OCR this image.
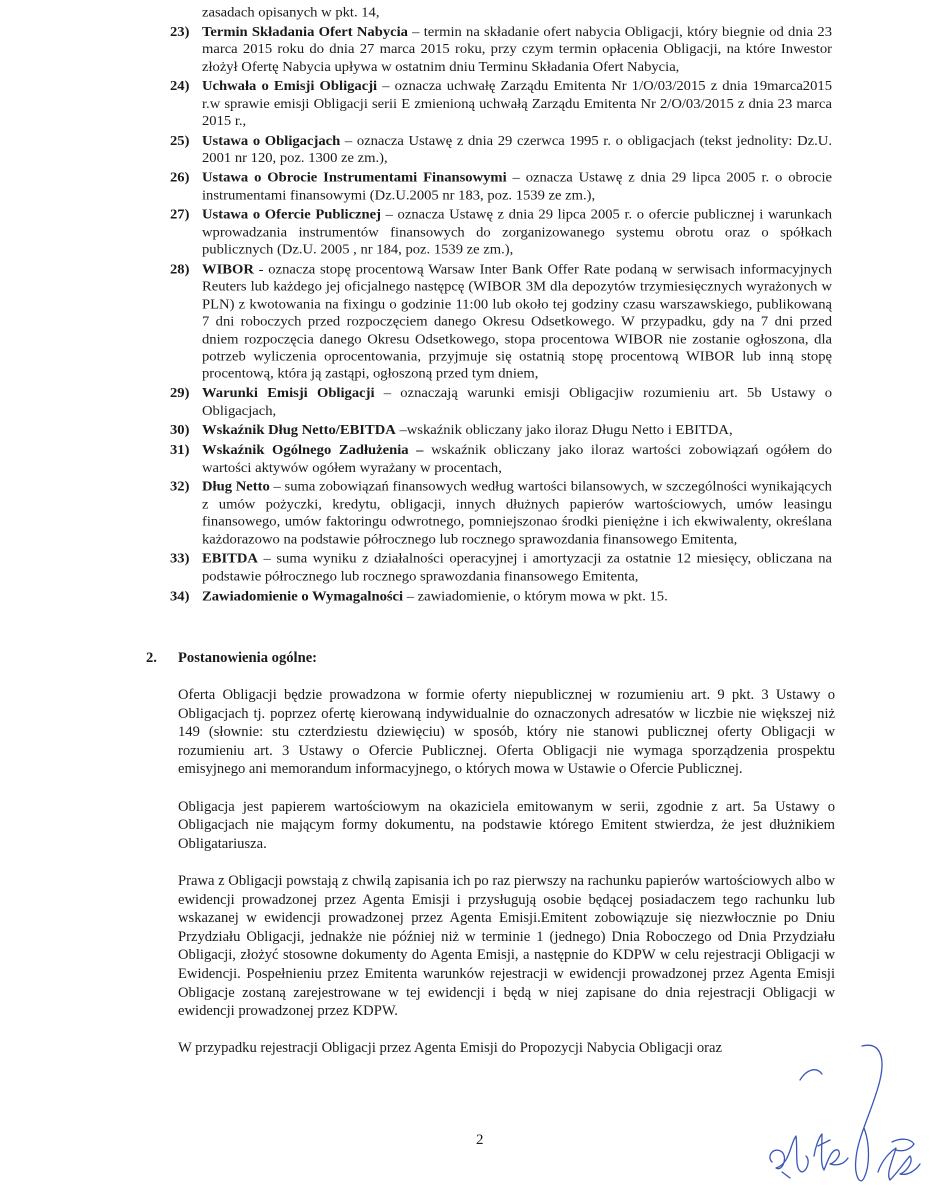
zasadach opisanych w pkt. 14,
23) Termin Składania Ofert Nabycia – termin na składanie ofert nabycia Obligacji, który biegnie od dnia 23 marca 2015 roku do dnia 27 marca 2015 roku, przy czym termin opłacenia Obligacji, na które Inwestor złożył Ofertę Nabycia upływa w ostatnim dniu Terminu Składania Ofert Nabycia,
24) Uchwała o Emisji Obligacji – oznacza uchwałę Zarządu Emitenta Nr 1/O/03/2015 z dnia 19marca2015 r.w sprawie emisji Obligacji serii E zmienioną uchwałą Zarządu Emitenta Nr 2/O/03/2015 z dnia 23 marca 2015 r.,
25) Ustawa o Obligacjach – oznacza Ustawę z dnia 29 czerwca 1995 r. o obligacjach (tekst jednolity: Dz.U. 2001 nr 120, poz. 1300 ze zm.),
26) Ustawa o Obrocie Instrumentami Finansowymi – oznacza Ustawę z dnia 29 lipca 2005 r. o obrocie instrumentami finansowymi (Dz.U.2005 nr 183, poz. 1539 ze zm.),
27) Ustawa o Ofercie Publicznej – oznacza Ustawę z dnia 29 lipca 2005 r. o ofercie publicznej i warunkach wprowadzania instrumentów finansowych do zorganizowanego systemu obrotu oraz o spółkach publicznych (Dz.U. 2005 , nr 184, poz. 1539 ze zm.),
28) WIBOR - oznacza stopę procentową Warsaw Inter Bank Offer Rate podaną w serwisach informacyjnych Reuters lub każdego jej oficjalnego następcę (WIBOR 3M dla depozytów trzymiesięcznych wyrażonych w PLN) z kwotowania na fixingu o godzinie 11:00 lub około tej godziny czasu warszawskiego, publikowaną 7 dni roboczych przed rozpoczęciem danego Okresu Odsetkowego. W przypadku, gdy na 7 dni przed dniem rozpoczęcia danego Okresu Odsetkowego, stopa procentowa WIBOR nie zostanie ogłoszona, dla potrzeb wyliczenia oprocentowania, przyjmuje się ostatnią stopę procentową WIBOR lub inną stopę procentową, która ją zastąpi, ogłoszoną przed tym dniem,
29) Warunki Emisji Obligacji – oznaczają warunki emisji Obligacjiw rozumieniu art. 5b Ustawy o Obligacjach,
30) Wskaźnik Dług Netto/EBITDA –wskaźnik obliczany jako iloraz Długu Netto i EBITDA,
31) Wskaźnik Ogólnego Zadłużenia – wskaźnik obliczany jako iloraz wartości zobowiązań ogółem do wartości aktywów ogółem wyrażany w procentach,
32) Dług Netto – suma zobowiązań finansowych według wartości bilansowych, w szczególności wynikających z umów pożyczki, kredytu, obligacji, innych dłużnych papierów wartościowych, umów leasingu finansowego, umów faktoringu odwrotnego, pomniejszonao środki pieniężne i ich ekwiwalenty, określana każdorazowo na podstawie półrocznego lub rocznego sprawozdania finansowego Emitenta,
33) EBITDA – suma wyniku z działalności operacyjnej i amortyzacji za ostatnie 12 miesięcy, obliczana na podstawie półrocznego lub rocznego sprawozdania finansowego Emitenta,
34) Zawiadomienie o Wymagalności – zawiadomienie, o którym mowa w pkt. 15.
2. Postanowienia ogólne:

Oferta Obligacji będzie prowadzona w formie oferty niepublicznej w rozumieniu art. 9 pkt. 3 Ustawy o Obligacjach tj. poprzez ofertę kierowaną indywidualnie do oznaczonych adresatów w liczbie nie większej niż 149 (słownie: stu czterdziestu dziewięciu) w sposób, który nie stanowi publicznej oferty Obligacji w rozumieniu art. 3 Ustawy o Ofercie Publicznej. Oferta Obligacji nie wymaga sporządzenia prospektu emisyjnego ani memorandum informacyjnego, o których mowa w Ustawie o Ofercie Publicznej.

Obligacja jest papierem wartościowym na okaziciela emitowanym w serii, zgodnie z art. 5a Ustawy o Obligacjach nie mającym formy dokumentu, na podstawie którego Emitent stwierdza, że jest dłużnikiem Obligatariusza.

Prawa z Obligacji powstają z chwilą zapisania ich po raz pierwszy na rachunku papierów wartościowych albo w ewidencji prowadzonej przez Agenta Emisji i przysługują osobie będącej posiadaczem tego rachunku lub wskazanej w ewidencji prowadzonej przez Agenta Emisji.Emitent zobowiązuje się niezwłocznie po Dniu Przydziału Obligacji, jednakże nie później niż w terminie 1 (jednego) Dnia Roboczego od Dnia Przydziału Obligacji, złożyć stosowne dokumenty do Agenta Emisji, a następnie do KDPW w celu rejestracji Obligacji w Ewidencji. Pospełnieniu przez Emitenta warunków rejestracji w ewidencji prowadzonej przez Agenta Emisji Obligacje zostaną zarejestrowane w tej ewidencji i będą w niej zapisane do dnia rejestracji Obligacji w ewidencji prowadzonej przez KDPW.

W przypadku rejestracji Obligacji przez Agenta Emisji do Propozycji Nabycia Obligacji oraz

2
